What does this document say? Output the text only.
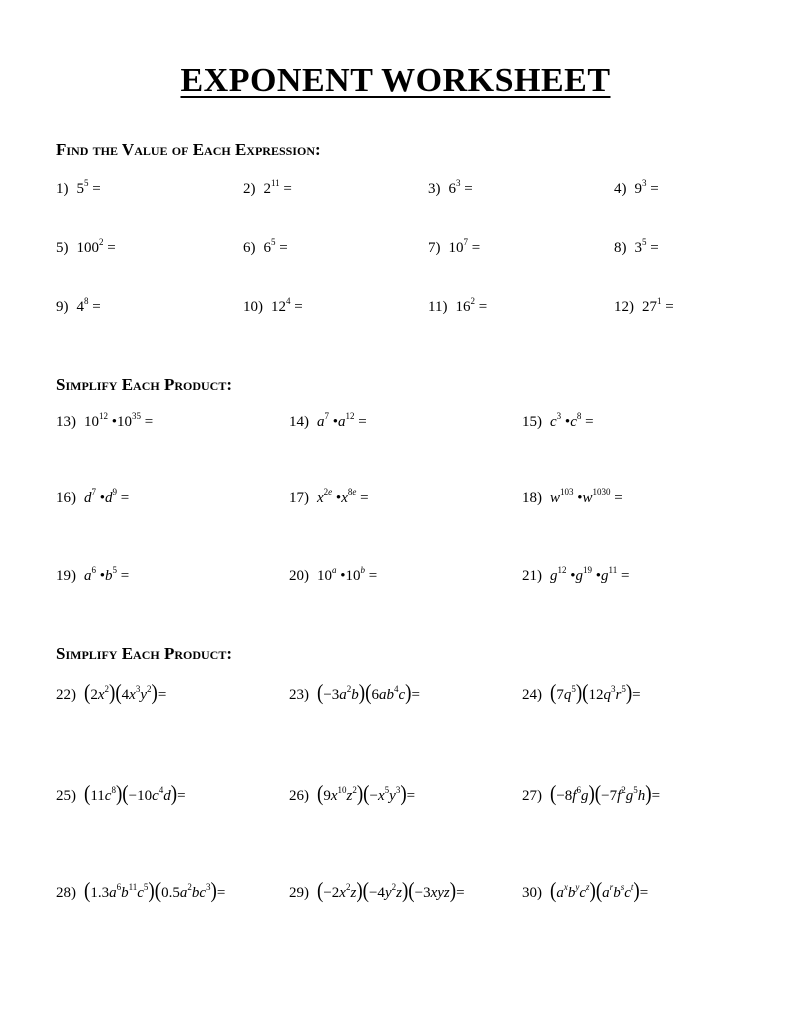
EXPONENT WORKSHEET
Find the Value of Each Expression:
1) $5^5$ =	2) $2^{11}$ =	3) $6^3$ =	4) $9^3$ =
5) $100^2$ =	6) $6^5$ =	7) $10^7$ =	8) $3^5$ =
9) $4^8$ =	10) $12^4$ =	11) $16^2$ =	12) $27^1$ =
Simplify Each Product:
13) $10^{12}$ $•10^{35}$ =	14) $a^7$ $•a^{12}$ =	15) $c^3$ $•c^8$ =
16) $d^7$ $•d^9$ =	17) $x^{2e}$ $•x^{8e}$ =	18) $w^{103}$ $•w^{1030}$ =
19) $a^6$ $•b^5$ =	20) 10$^a$ $•10^b$ =	21) $g^{12}$ $•g^{19}$ $•g^{11}$ =
Simplify Each Product:
22) $(2x^2)(4x^3y^2)=$	23) $(-3a^2b)(6ab^4c)=$	24) $(7q^5)(12q^3r^5)=$
25) $(11c^8)(-10c^4d)=$	26) $(9x^{10}z^2)(-x^5y^3)=$	27) $(-8f^6g)(-7f^2g^5h)=$
28) $(1.3a^6b^{11}c^5)(0.5a^2bc^3)=$	29) $(-2x^2z)(-4y^2z)(-3xyz)=$	30) $(a^xb^yc^z)(a^rb^sc^t)=$
